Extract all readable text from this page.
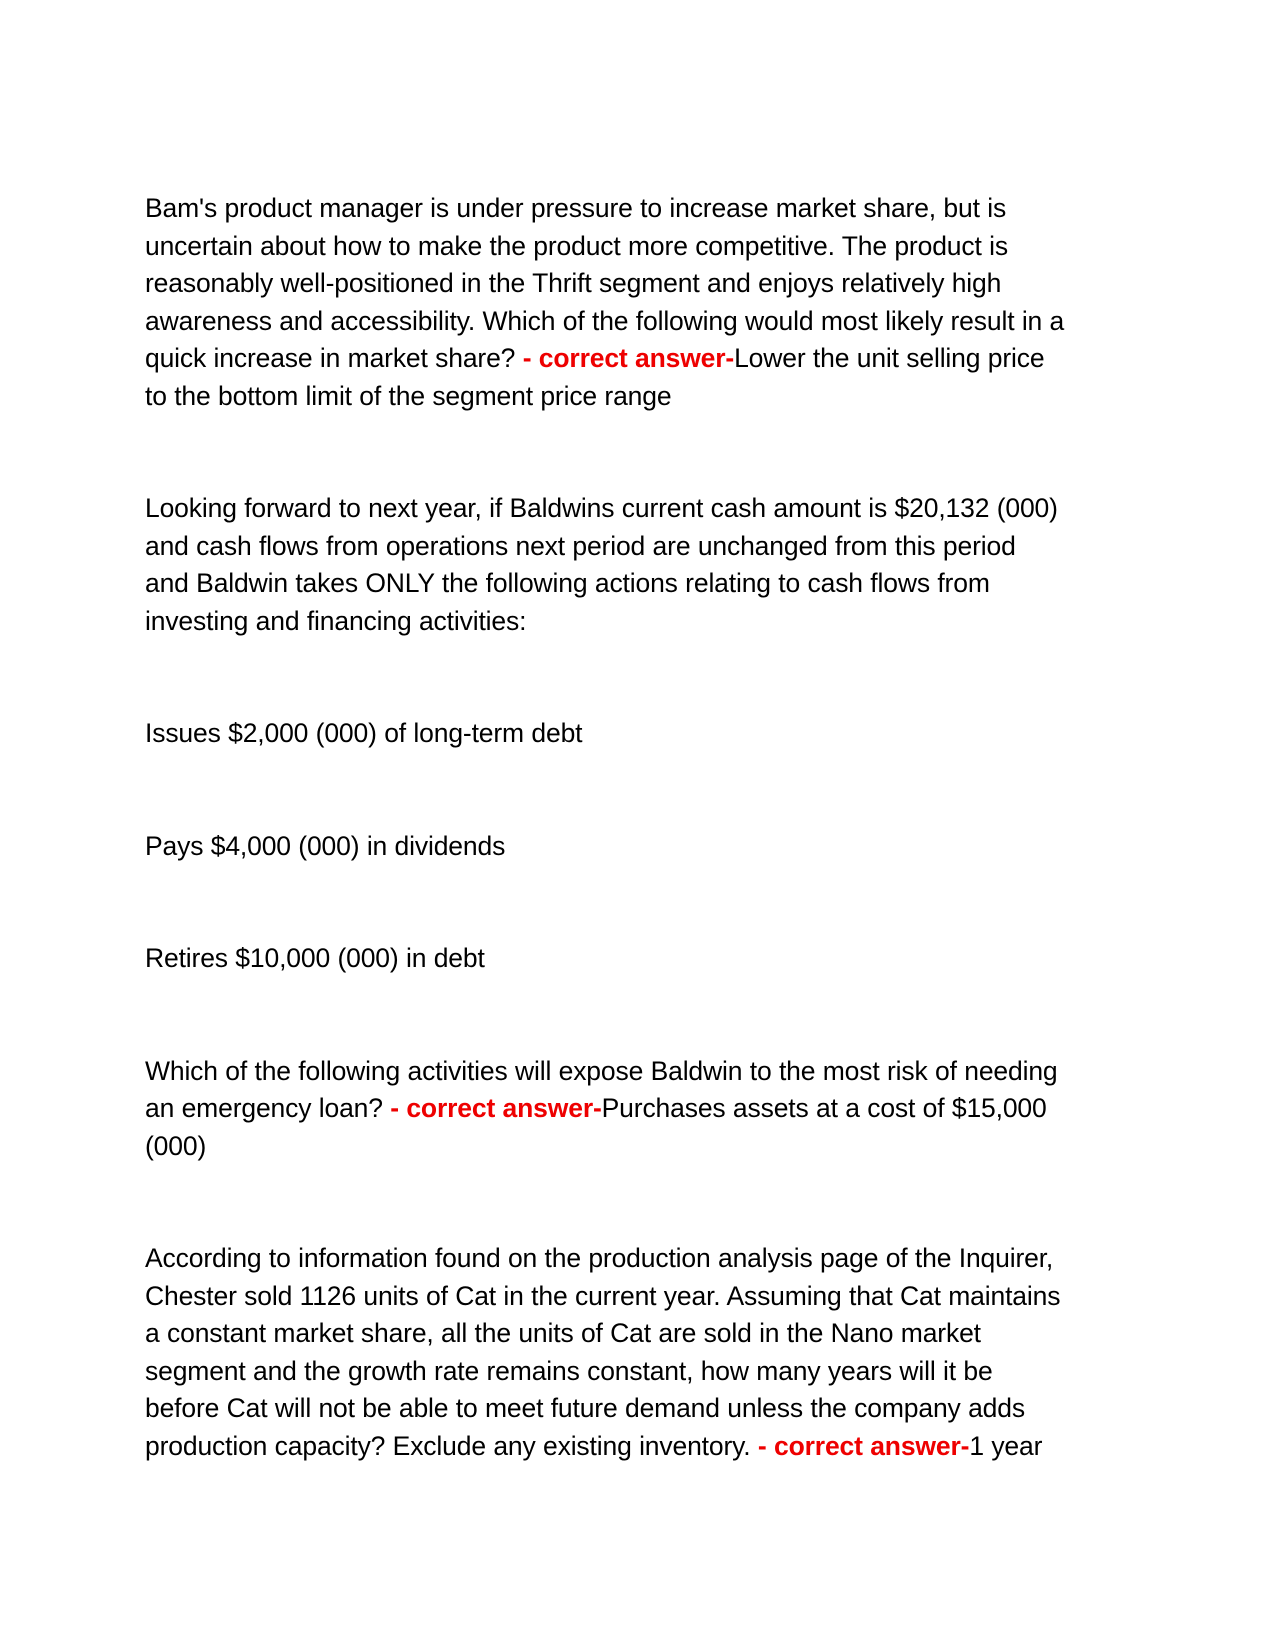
Bam's product manager is under pressure to increase market share, but is uncertain about how to make the product more competitive. The product is reasonably well-positioned in the Thrift segment and enjoys relatively high awareness and accessibility. Which of the following would most likely result in a quick increase in market share? - correct answer-Lower the unit selling price to the bottom limit of the segment price range

Looking forward to next year, if Baldwins current cash amount is $20,132 (000) and cash flows from operations next period are unchanged from this period and Baldwin takes ONLY the following actions relating to cash flows from investing and financing activities:

Issues $2,000 (000) of long-term debt

Pays $4,000 (000) in dividends

Retires $10,000 (000) in debt

Which of the following activities will expose Baldwin to the most risk of needing an emergency loan? - correct answer-Purchases assets at a cost of $15,000 (000)

According to information found on the production analysis page of the Inquirer, Chester sold 1126 units of Cat in the current year. Assuming that Cat maintains a constant market share, all the units of Cat are sold in the Nano market segment and the growth rate remains constant, how many years will it be before Cat will not be able to meet future demand unless the company adds production capacity? Exclude any existing inventory. - correct answer-1 year
